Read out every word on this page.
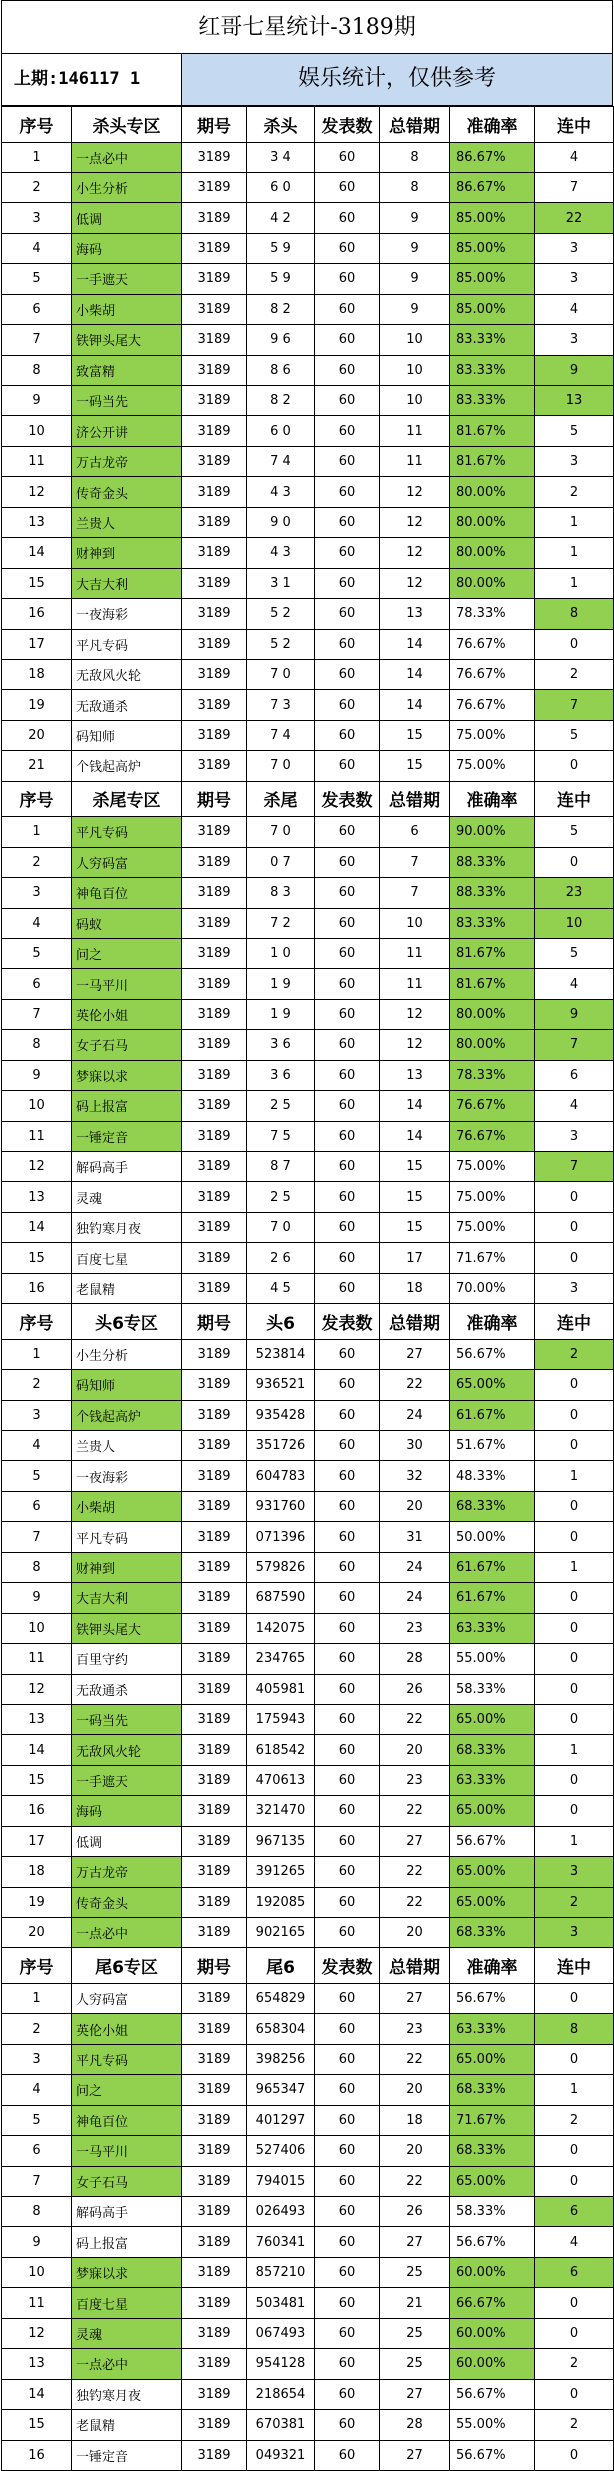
红哥七星统计-3189期
上期:146117 1	娱乐统计，仅供参考
序号	杀头专区	期号	杀头	发表数	总错期	准确率	连中
1	一点必中	3189	3 4	60	8	86.67%	4
2	小生分析	3189	6 0	60	8	86.67%	7
3	低调	3189	4 2	60	9	85.00%	22
4	海码	3189	5 9	60	9	85.00%	3
5	一手遮天	3189	5 9	60	9	85.00%	3
6	小柴胡	3189	8 2	60	9	85.00%	4
7	铁钾头尾大	3189	9 6	60	10	83.33%	3
8	致富精	3189	8 6	60	10	83.33%	9
9	一码当先	3189	8 2	60	10	83.33%	13
10	济公开讲	3189	6 0	60	11	81.67%	5
11	万古龙帝	3189	7 4	60	11	81.67%	3
12	传奇金头	3189	4 3	60	12	80.00%	2
13	兰贵人	3189	9 0	60	12	80.00%	1
14	财神到	3189	4 3	60	12	80.00%	1
15	大吉大利	3189	3 1	60	12	80.00%	1
16	一夜海彩	3189	5 2	60	13	78.33%	8
17	平凡专码	3189	5 2	60	14	76.67%	0
18	无敌风火轮	3189	7 0	60	14	76.67%	2
19	无敌通杀	3189	7 3	60	14	76.67%	7
20	码知师	3189	7 4	60	15	75.00%	5
21	个钱起高炉	3189	7 0	60	15	75.00%	0
序号	杀尾专区	期号	杀尾	发表数	总错期	准确率	连中
1	平凡专码	3189	7 0	60	6	90.00%	5
2	人穷码富	3189	0 7	60	7	88.33%	0
3	神龟百位	3189	8 3	60	7	88.33%	23
4	码蚁	3189	7 2	60	10	83.33%	10
5	问之	3189	1 0	60	11	81.67%	5
6	一马平川	3189	1 9	60	11	81.67%	4
7	英伦小姐	3189	1 9	60	12	80.00%	9
8	女子石马	3189	3 6	60	12	80.00%	7
9	梦寐以求	3189	3 6	60	13	78.33%	6
10	码上报富	3189	2 5	60	14	76.67%	4
11	一锤定音	3189	7 5	60	14	76.67%	3
12	解码高手	3189	8 7	60	15	75.00%	7
13	灵魂	3189	2 5	60	15	75.00%	0
14	独钓寒月夜	3189	7 0	60	15	75.00%	0
15	百度七星	3189	2 6	60	17	71.67%	0
16	老鼠精	3189	4 5	60	18	70.00%	3
序号	头6专区	期号	头6	发表数	总错期	准确率	连中
1	小生分析	3189	523814	60	27	56.67%	2
2	码知师	3189	936521	60	22	65.00%	0
3	个钱起高炉	3189	935428	60	24	61.67%	0
4	兰贵人	3189	351726	60	30	51.67%	0
5	一夜海彩	3189	604783	60	32	48.33%	1
6	小柴胡	3189	931760	60	20	68.33%	0
7	平凡专码	3189	071396	60	31	50.00%	0
8	财神到	3189	579826	60	24	61.67%	1
9	大吉大利	3189	687590	60	24	61.67%	0
10	铁钾头尾大	3189	142075	60	23	63.33%	0
11	百里守约	3189	234765	60	28	55.00%	0
12	无敌通杀	3189	405981	60	26	58.33%	0
13	一码当先	3189	175943	60	22	65.00%	0
14	无敌风火轮	3189	618542	60	20	68.33%	1
15	一手遮天	3189	470613	60	23	63.33%	0
16	海码	3189	321470	60	22	65.00%	0
17	低调	3189	967135	60	27	56.67%	1
18	万古龙帝	3189	391265	60	22	65.00%	3
19	传奇金头	3189	192085	60	22	65.00%	2
20	一点必中	3189	902165	60	20	68.33%	3
序号	尾6专区	期号	尾6	发表数	总错期	准确率	连中
1	人穷码富	3189	654829	60	27	56.67%	0
2	英伦小姐	3189	658304	60	23	63.33%	8
3	平凡专码	3189	398256	60	22	65.00%	0
4	问之	3189	965347	60	20	68.33%	1
5	神龟百位	3189	401297	60	18	71.67%	2
6	一马平川	3189	527406	60	20	68.33%	0
7	女子石马	3189	794015	60	22	65.00%	0
8	解码高手	3189	026493	60	26	58.33%	6
9	码上报富	3189	760341	60	27	56.67%	4
10	梦寐以求	3189	857210	60	25	60.00%	6
11	百度七星	3189	503481	60	21	66.67%	0
12	灵魂	3189	067493	60	25	60.00%	0
13	一点必中	3189	954128	60	25	60.00%	2
14	独钓寒月夜	3189	218654	60	27	56.67%	0
15	老鼠精	3189	670381	60	28	55.00%	2
16	一锤定音	3189	049321	60	27	56.67%	0
